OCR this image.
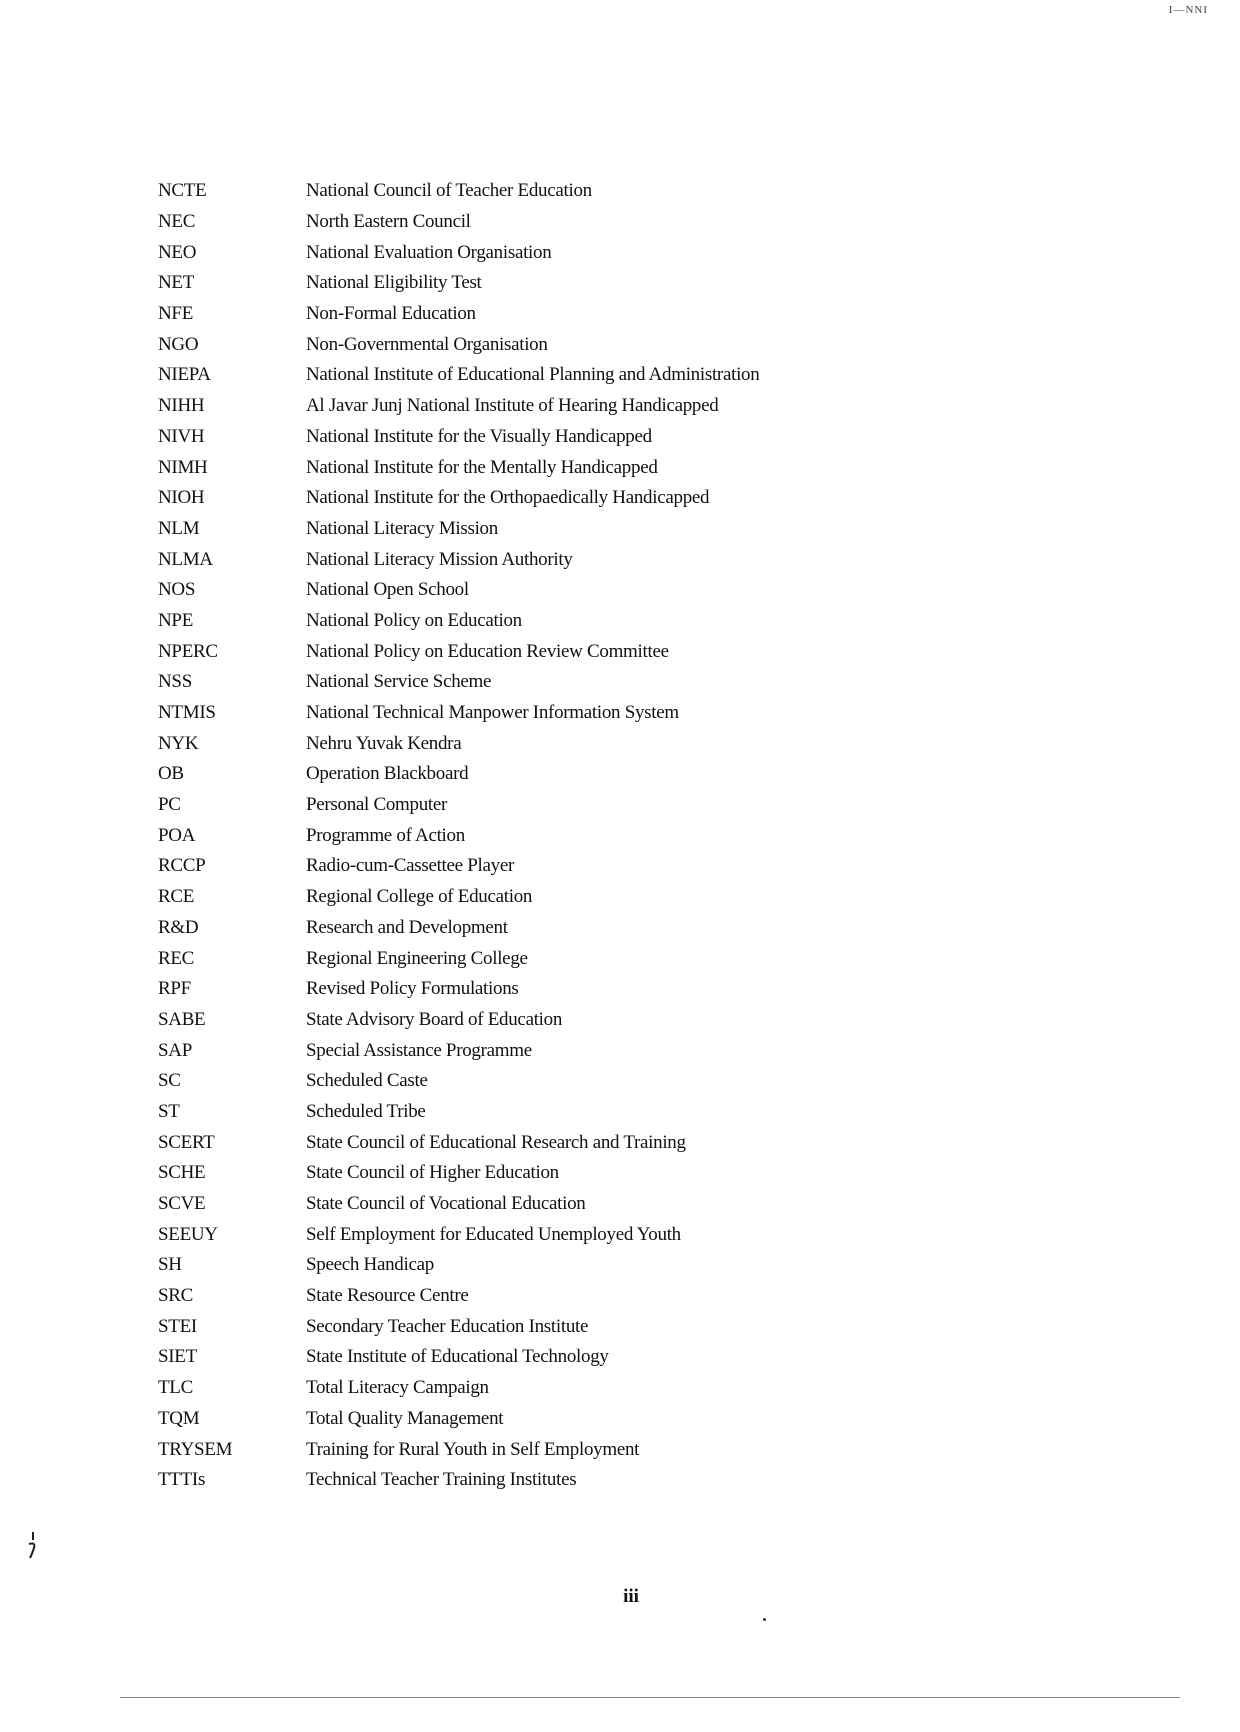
I—NNI
NCTE	National Council of Teacher Education
NEC	North Eastern Council
NEO	National Evaluation Organisation
NET	National Eligibility Test
NFE	Non-Formal Education
NGO	Non-Governmental Organisation
NIEPA	National Institute of Educational Planning and Administration
NIHH	Al Javar Junj National Institute of Hearing Handicapped
NIVH	National Institute for the Visually Handicapped
NIMH	National Institute for the Mentally Handicapped
NIOH	National Institute for the Orthopaedically Handicapped
NLM	National Literacy Mission
NLMA	National Literacy Mission Authority
NOS	National Open School
NPE	National Policy on Education
NPERC	National Policy on Education Review Committee
NSS	National Service Scheme
NTMIS	National Technical Manpower Information System
NYK	Nehru Yuvak Kendra
OB	Operation Blackboard
PC	Personal Computer
POA	Programme of Action
RCCP	Radio-cum-Cassettee Player
RCE	Regional College of Education
R&D	Research and Development
REC	Regional Engineering College
RPF	Revised Policy Formulations
SABE	State Advisory Board of Education
SAP	Special Assistance Programme
SC	Scheduled Caste
ST	Scheduled Tribe
SCERT	State Council of Educational Research and Training
SCHE	State Council of Higher Education
SCVE	State Council of Vocational Education
SEEUY	Self Employment for Educated Unemployed Youth
SH	Speech Handicap
SRC	State Resource Centre
STEI	Secondary Teacher Education Institute
SIET	State Institute of Educational Technology
TLC	Total Literacy Campaign
TQM	Total Quality Management
TRYSEM	Training for Rural Youth in Self Employment
TTTIs	Technical Teacher Training Institutes
iii
